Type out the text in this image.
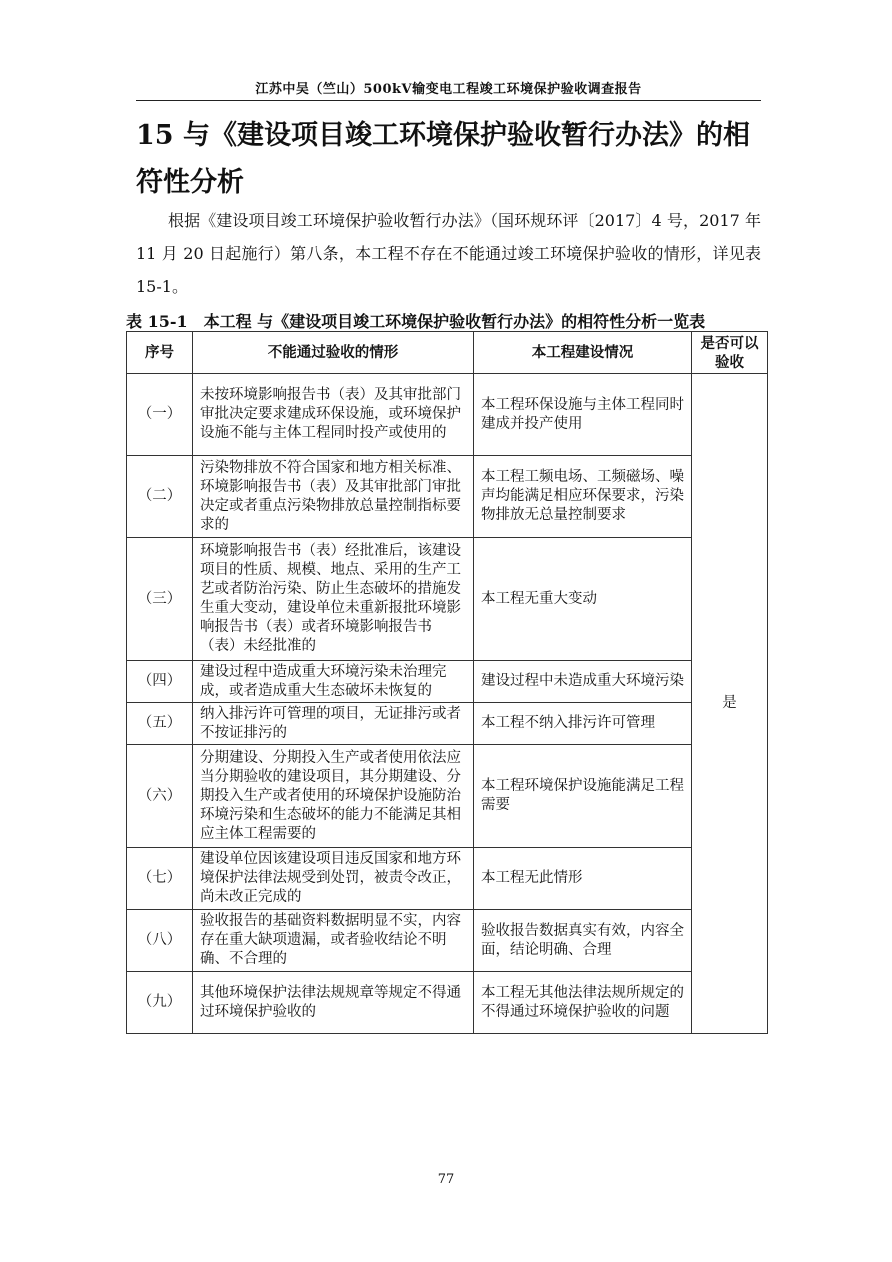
江苏中吴（竺山）500kV输变电工程竣工环境保护验收调查报告
15 与《建设项目竣工环境保护验收暂行办法》的相符性分析
根据《建设项目竣工环境保护验收暂行办法》（国环规环评〔2017〕4 号，2017 年 11 月 20 日起施行）第八条，本工程不存在不能通过竣工环境保护验收的情形，详见表 15-1。
表 15-1　本工程 与《建设项目竣工环境保护验收暂行办法》的相符性分析一览表
序号	不能通过验收的情形	本工程建设情况	是否可以验收
（一）	未按环境影响报告书（表）及其审批部门审批决定要求建成环保设施，或环境保护设施不能与主体工程同时投产或使用的	本工程环保设施与主体工程同时建成并投产使用	是
（二）	污染物排放不符合国家和地方相关标准、环境影响报告书（表）及其审批部门审批决定或者重点污染物排放总量控制指标要求的	本工程工频电场、工频磁场、噪声均能满足相应环保要求，污染物排放无总量控制要求	
（三）	环境影响报告书（表）经批准后，该建设项目的性质、规模、地点、采用的生产工艺或者防治污染、防止生态破坏的措施发生重大变动，建设单位未重新报批环境影响报告书（表）或者环境影响报告书（表）未经批准的	本工程无重大变动	
（四）	建设过程中造成重大环境污染未治理完成，或者造成重大生态破坏未恢复的	建设过程中未造成重大环境污染	
（五）	纳入排污许可管理的项目，无证排污或者不按证排污的	本工程不纳入排污许可管理	
（六）	分期建设、分期投入生产或者使用依法应当分期验收的建设项目，其分期建设、分期投入生产或者使用的环境保护设施防治环境污染和生态破坏的能力不能满足其相应主体工程需要的	本工程环境保护设施能满足工程需要	
（七）	建设单位因该建设项目违反国家和地方环境保护法律法规受到处罚，被责令改正，尚未改正完成的	本工程无此情形	
（八）	验收报告的基础资料数据明显不实，内容存在重大缺项遗漏，或者验收结论不明确、不合理的	验收报告数据真实有效，内容全面，结论明确、合理	
（九）	其他环境保护法律法规规章等规定不得通过环境保护验收的	本工程无其他法律法规所规定的不得通过环境保护验收的问题	
77
